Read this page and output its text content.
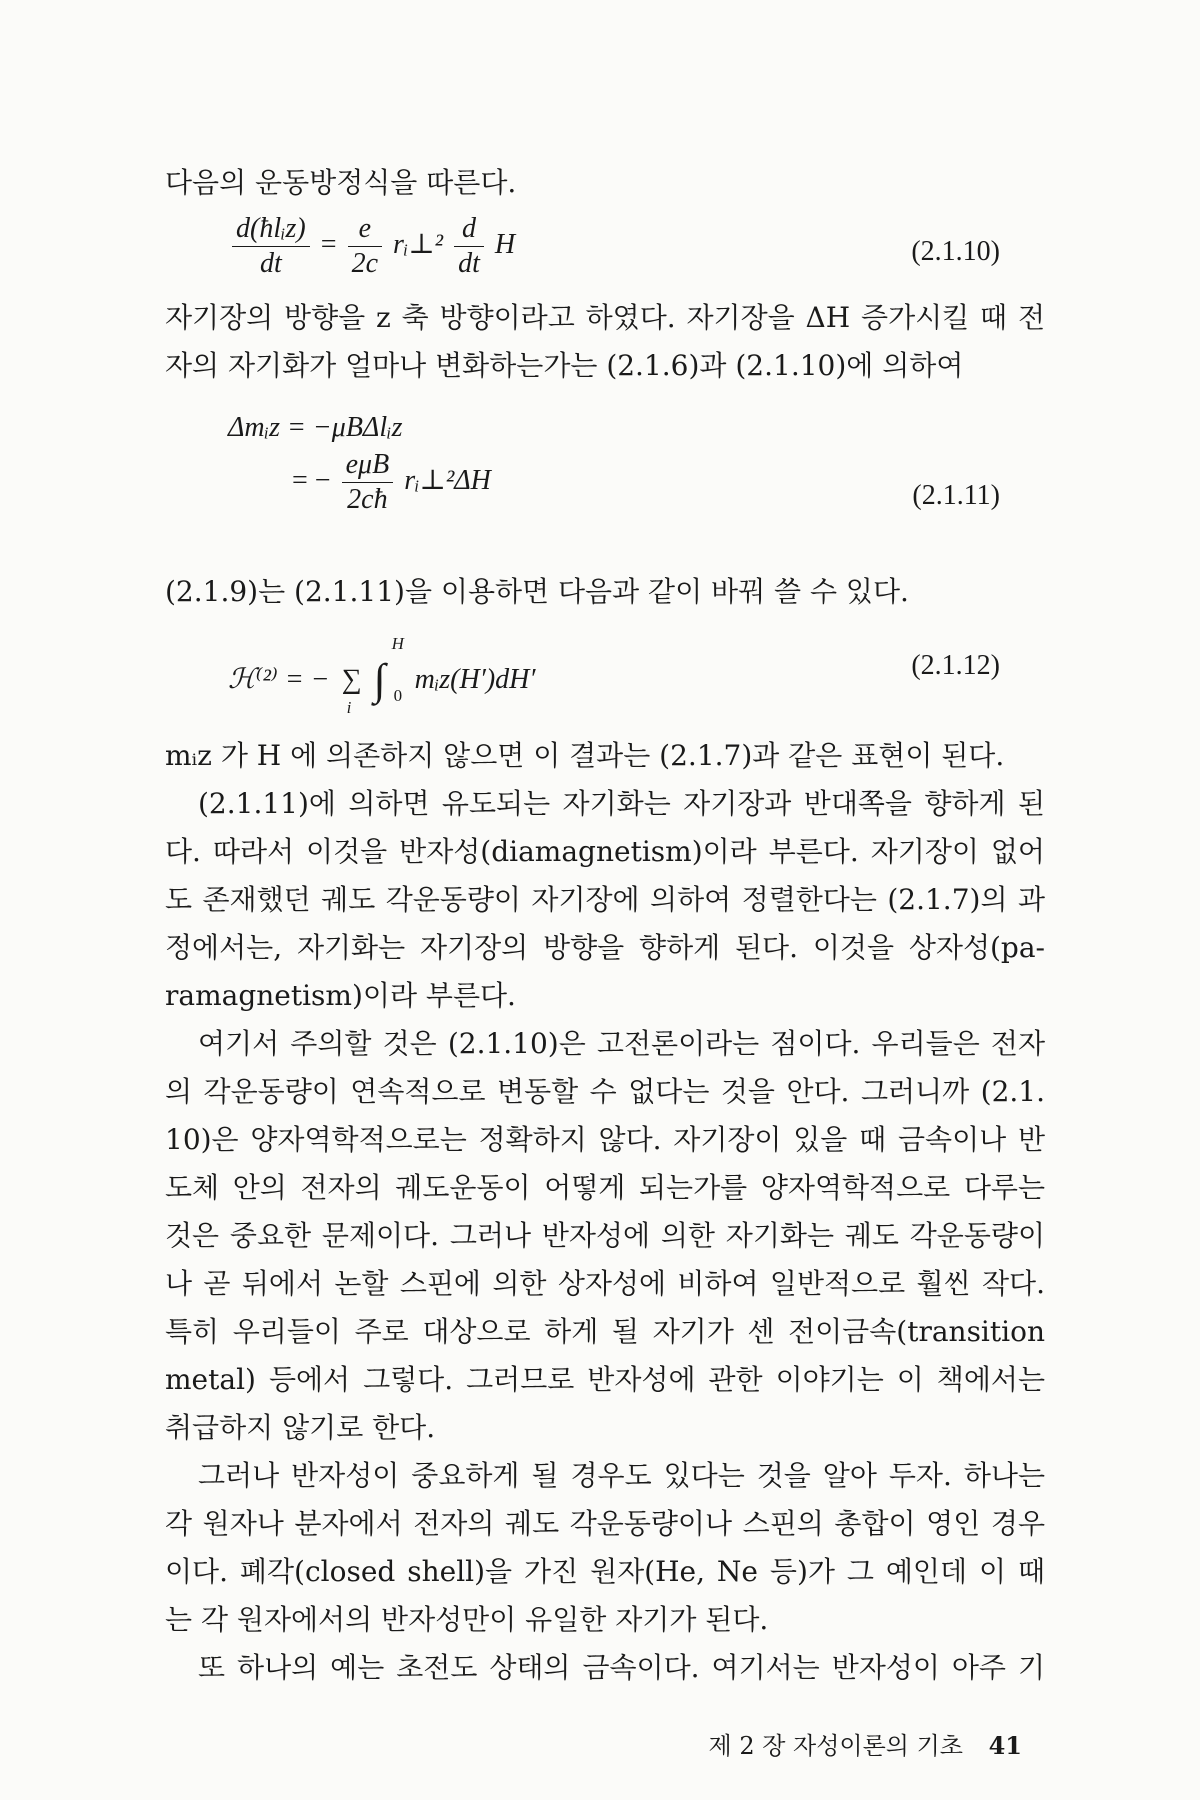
다음의 운동방정식을 따른다.
$\frac{\text{d(ħlᵢz)}}{dt} = \frac{e}{2c}$ rᵢ⊥² $\frac{d}{dt}$ H	(2.1.10)
자기장의 방향을 z 축 방향이라고 하였다. 자기장을 ΔH 증가시킬 때 전
자의 자기화가 얼마나 변화하는가는 (2.1.6)과 (2.1.10)에 의하여
Δmᵢz = −μBΔlᵢz
= − $\frac{\text{eμB}}{2cħ}$ rᵢ⊥²ΔH	(2.1.11)
(2.1.9)는 (2.1.11)을 이용하면 다음과 같이 바꿔 쓸 수 있다.
ℋ⁽²⁾ = − ∑
i
∫
H
0
mᵢz(H′)dH′	(2.1.12)
mᵢz 가 H 에 의존하지 않으면 이 결과는 (2.1.7)과 같은 표현이 된다.
(2.1.11)에 의하면 유도되는 자기화는 자기장과 반대쪽을 향하게 된
다. 따라서 이것을 반자성(diamagnetism)이라 부른다. 자기장이 없어
도 존재했던 궤도 각운동량이 자기장에 의하여 정렬한다는 (2.1.7)의 과
정에서는, 자기화는 자기장의 방향을 향하게 된다. 이것을 상자성(pa-
ramagnetism)이라 부른다.
여기서 주의할 것은 (2.1.10)은 고전론이라는 점이다. 우리들은 전자
의 각운동량이 연속적으로 변동할 수 없다는 것을 안다. 그러니까 (2.1.
10)은 양자역학적으로는 정확하지 않다. 자기장이 있을 때 금속이나 반
도체 안의 전자의 궤도운동이 어떻게 되는가를 양자역학적으로 다루는
것은 중요한 문제이다. 그러나 반자성에 의한 자기화는 궤도 각운동량이
나 곧 뒤에서 논할 스핀에 의한 상자성에 비하여 일반적으로 훨씬 작다.
특히 우리들이 주로 대상으로 하게 될 자기가 센 전이금속(transition
metal) 등에서 그렇다. 그러므로 반자성에 관한 이야기는 이 책에서는
취급하지 않기로 한다.
그러나 반자성이 중요하게 될 경우도 있다는 것을 알아 두자. 하나는
각 원자나 분자에서 전자의 궤도 각운동량이나 스핀의 총합이 영인 경우
이다. 폐각(closed shell)을 가진 원자(He, Ne 등)가 그 예인데 이 때
는 각 원자에서의 반자성만이 유일한 자기가 된다.
또 하나의 예는 초전도 상태의 금속이다. 여기서는 반자성이 아주 기
제 2 장 자성이론의 기초 41
